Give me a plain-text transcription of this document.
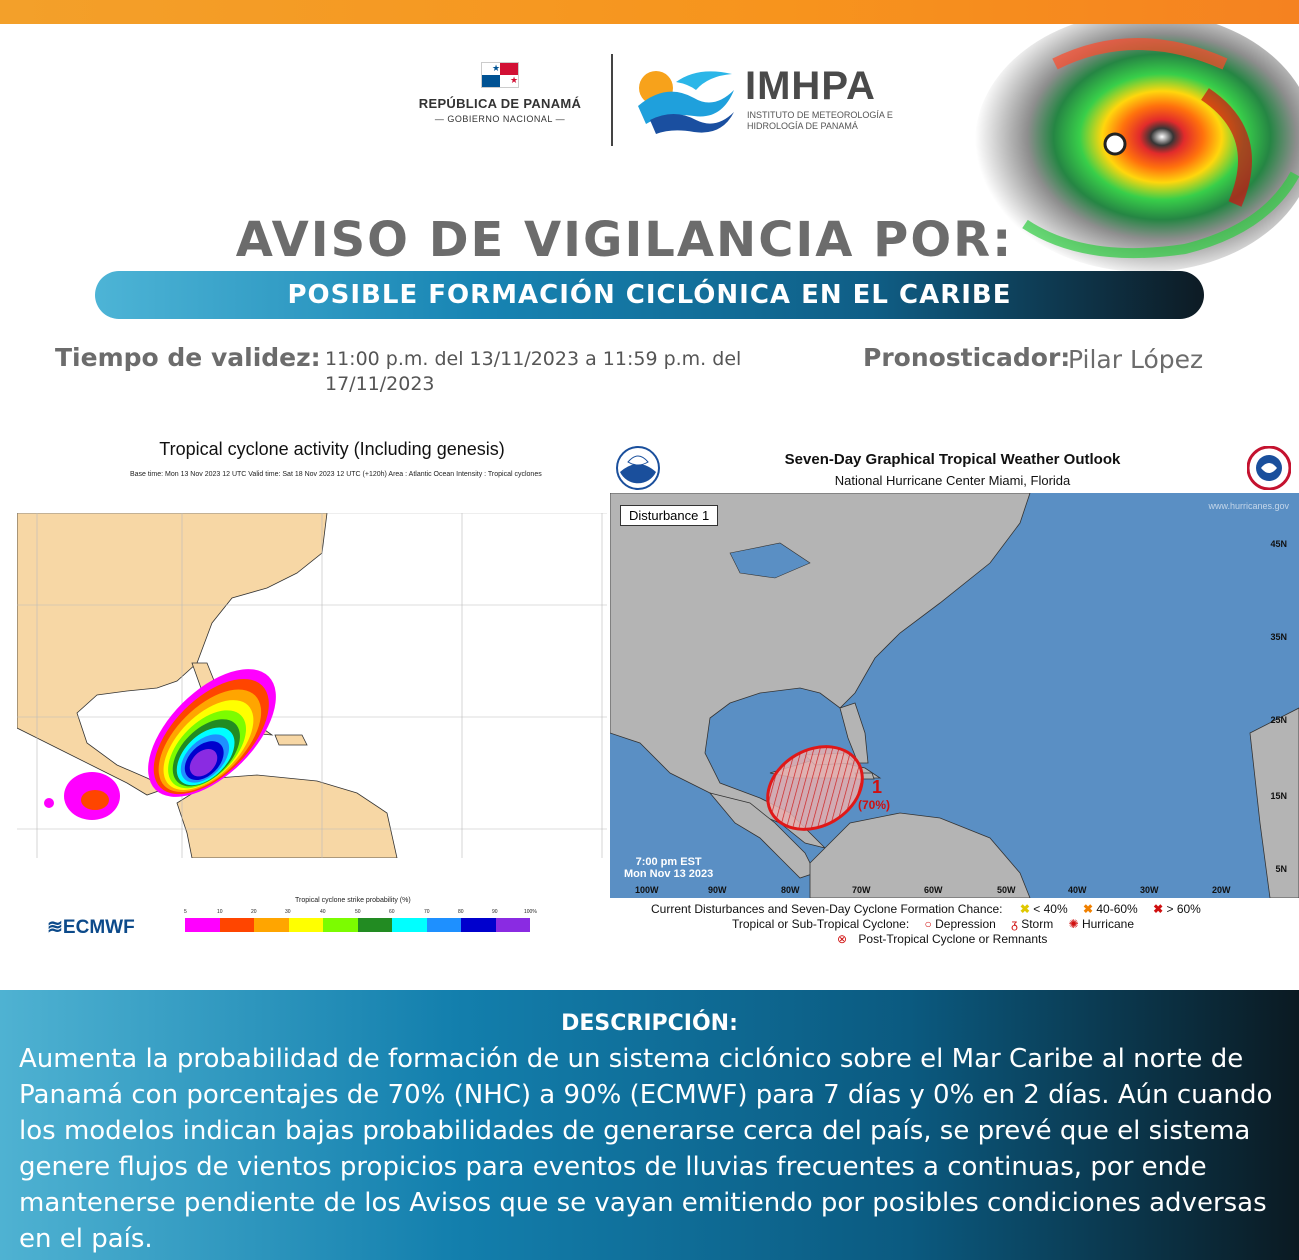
★
★
REPÚBLICA DE PANAMÁ
— GOBIERNO NACIONAL —
IMHPA
INSTITUTO DE METEOROLOGÍA E HIDROLOGÍA DE PANAMÁ
AVISO DE VIGILANCIA POR:
POSIBLE FORMACIÓN CICLÓNICA EN EL CARIBE
Tiempo de validez: 11:00 p.m. del 13/11/2023 a 11:59 p.m. del 17/11/2023
Pronosticador:
Pilar López
Tropical cyclone activity (Including genesis)
Base time: Mon 13 Nov 2023 12 UTC Valid time: Sat 18 Nov 2023 12 UTC (+120h) Area : Atlantic Ocean Intensity : Tropical cyclones
Tropical cyclone strike probability (%)
5	10	20	30	40	50	60	70	80	90	100%
≋ECMWF
Seven-Day Graphical Tropical Weather Outlook
National Hurricane Center Miami, Florida
Disturbance 1
www.hurricanes.gov
1
(70%)
7:00 pm EST
Mon Nov 13 2023
45N
35N
25N
15N
5N
100W	90W	80W	70W	60W	50W	40W	30W	20W
Current Disturbances and Seven-Day Cyclone Formation Chance: ✖ < 40% ✖ 40-60% ✖ > 60%
Tropical or Sub-Tropical Cyclone: ○ Depression ᵹ Storm ✺ Hurricane
⊗ Post-Tropical Cyclone or Remnants
DESCRIPCIÓN:
Aumenta la probabilidad de formación de un sistema ciclónico sobre el Mar Caribe al norte de Panamá con porcentajes de 70% (NHC) a 90% (ECMWF) para 7 días y 0% en 2 días. Aún cuando los modelos indican bajas probabilidades de generarse cerca del país, se prevé que el sistema genere flujos de vientos propicios para eventos de lluvias frecuentes a continuas, por ende mantenerse pendiente de los Avisos que se vayan emitiendo por posibles condiciones adversas en el país.
